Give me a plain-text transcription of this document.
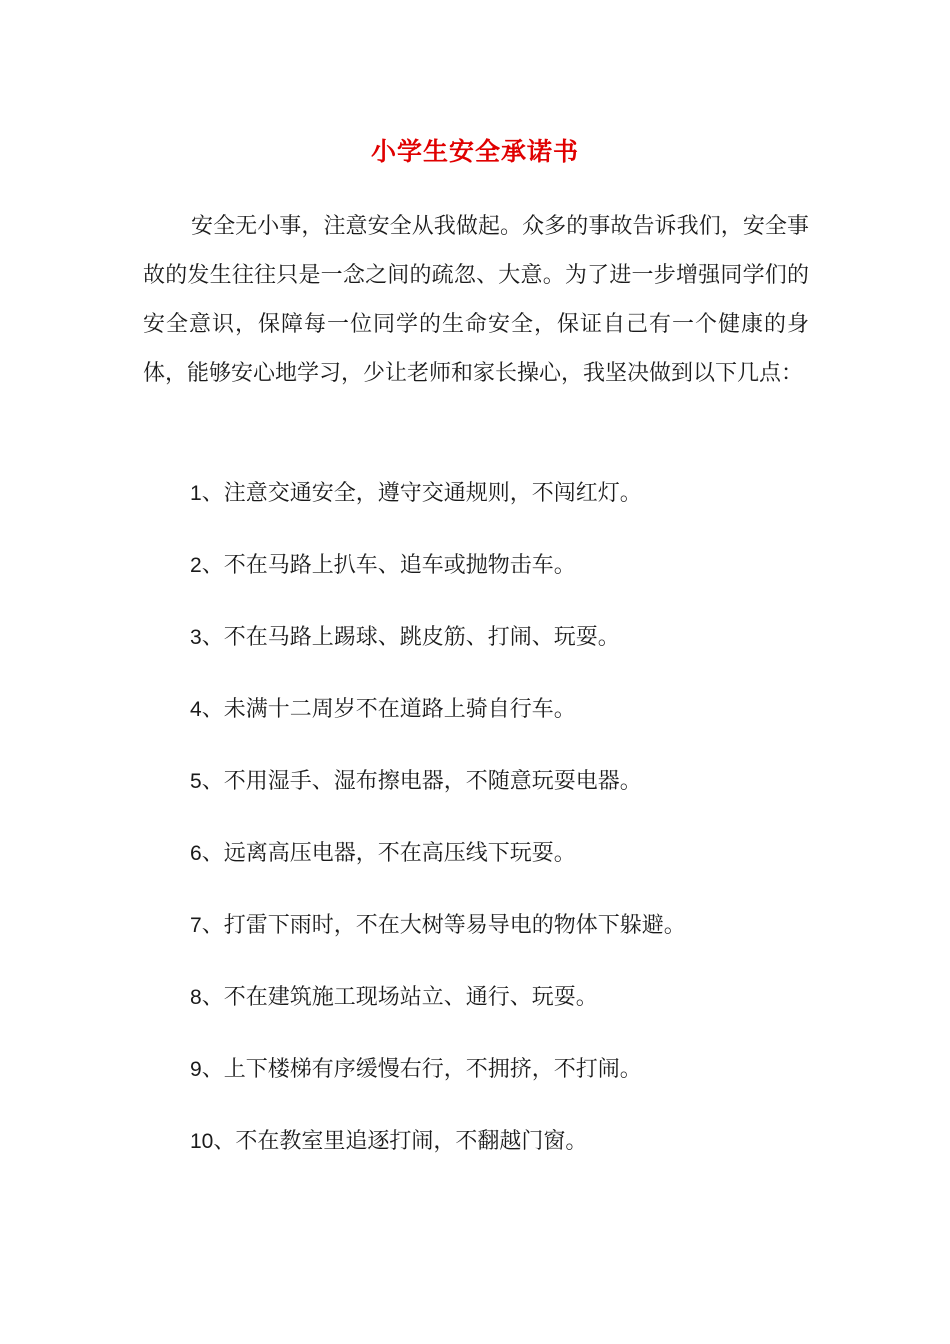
小学生安全承诺书

安全无小事，注意安全从我做起。众多的事故告诉我们，安全事故的发生往往只是一念之间的疏忽、大意。为了进一步增强同学们的安全意识，保障每一位同学的生命安全，保证自己有一个健康的身体，能够安心地学习，少让老师和家长操心，我坚决做到以下几点：

1、注意交通安全，遵守交通规则，不闯红灯。
2、不在马路上扒车、追车或抛物击车。
3、不在马路上踢球、跳皮筋、打闹、玩耍。
4、未满十二周岁不在道路上骑自行车。
5、不用湿手、湿布擦电器，不随意玩耍电器。
6、远离高压电器，不在高压线下玩耍。
7、打雷下雨时，不在大树等易导电的物体下躲避。
8、不在建筑施工现场站立、通行、玩耍。
9、上下楼梯有序缓慢右行，不拥挤，不打闹。
10、不在教室里追逐打闹，不翻越门窗。
